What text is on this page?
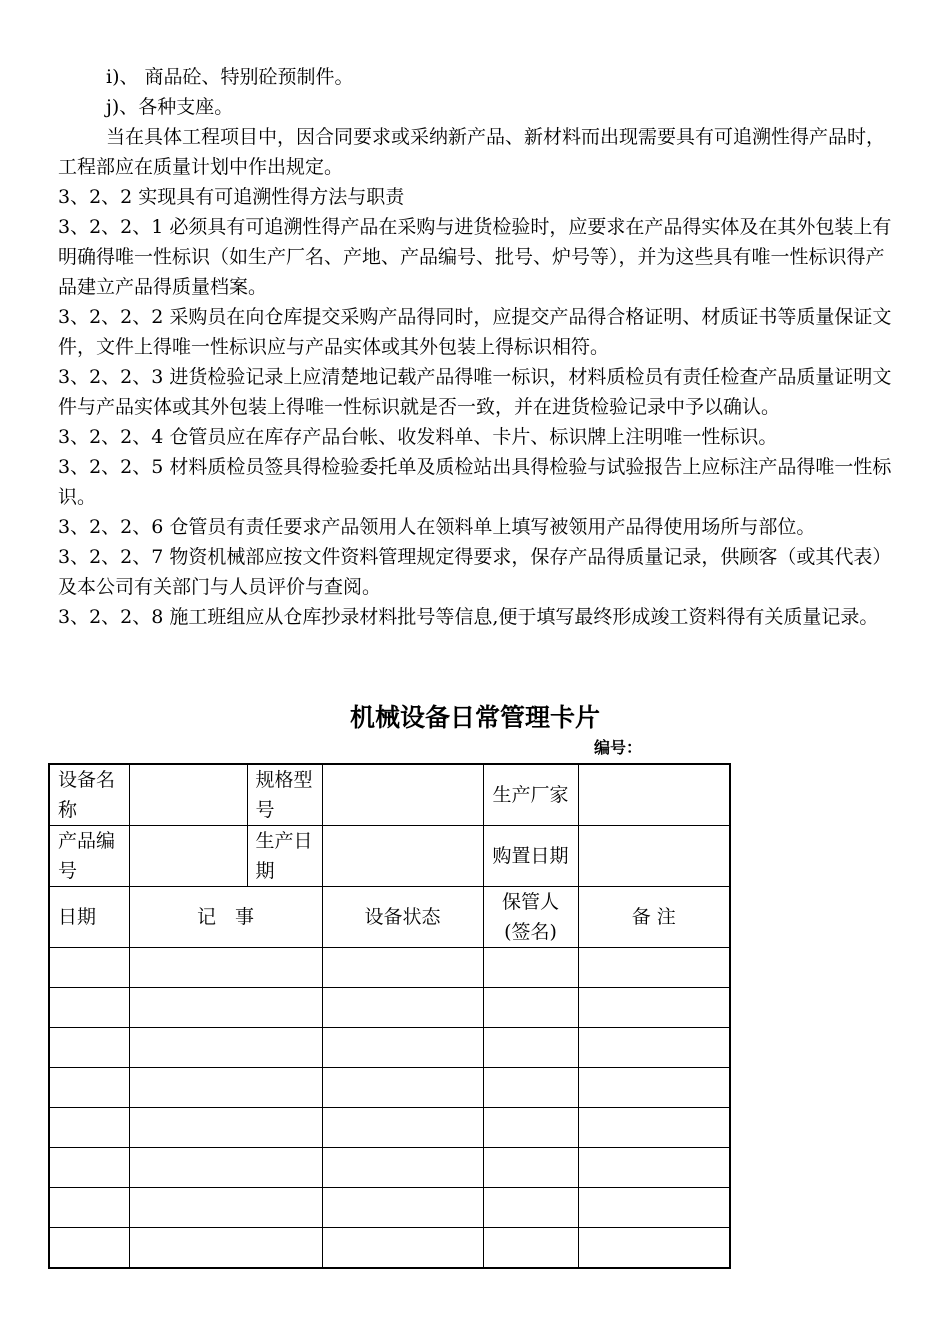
i)、 商品砼、特别砼预制件。

j)、各种支座。

当在具体工程项目中，因合同要求或采纳新产品、新材料而出现需要具有可追溯性得产品时，工程部应在质量计划中作出规定。

3、2、2 实现具有可追溯性得方法与职责

3、2、2、1 必须具有可追溯性得产品在采购与进货检验时，应要求在产品得实体及在其外包装上有明确得唯一性标识（如生产厂名、产地、产品编号、批号、炉号等），并为这些具有唯一性标识得产品建立产品得质量档案。

3、2、2、2 采购员在向仓库提交采购产品得同时，应提交产品得合格证明、材质证书等质量保证文件，文件上得唯一性标识应与产品实体或其外包装上得标识相符。

3、2、2、3 进货检验记录上应清楚地记载产品得唯一标识，材料质检员有责任检查产品质量证明文件与产品实体或其外包装上得唯一性标识就是否一致，并在进货检验记录中予以确认。

3、2、2、4 仓管员应在库存产品台帐、收发料单、卡片、标识牌上注明唯一性标识。

3、2、2、5 材料质检员签具得检验委托单及质检站出具得检验与试验报告上应标注产品得唯一性标识。

3、2、2、6 仓管员有责任要求产品领用人在领料单上填写被领用产品得使用场所与部位。

3、2、2、7 物资机械部应按文件资料管理规定得要求，保存产品得质量记录，供顾客（或其代表）及本公司有关部门与人员评价与查阅。

3、2、2、8 施工班组应从仓库抄录材料批号等信息,便于填写最终形成竣工资料得有关质量记录。

机械设备日常管理卡片
编号：
设备名称		规格型号		生产厂家	
产品编号		生产日期		购置日期	
日期	记　事		设备状态	保管人(签名)	备 注
